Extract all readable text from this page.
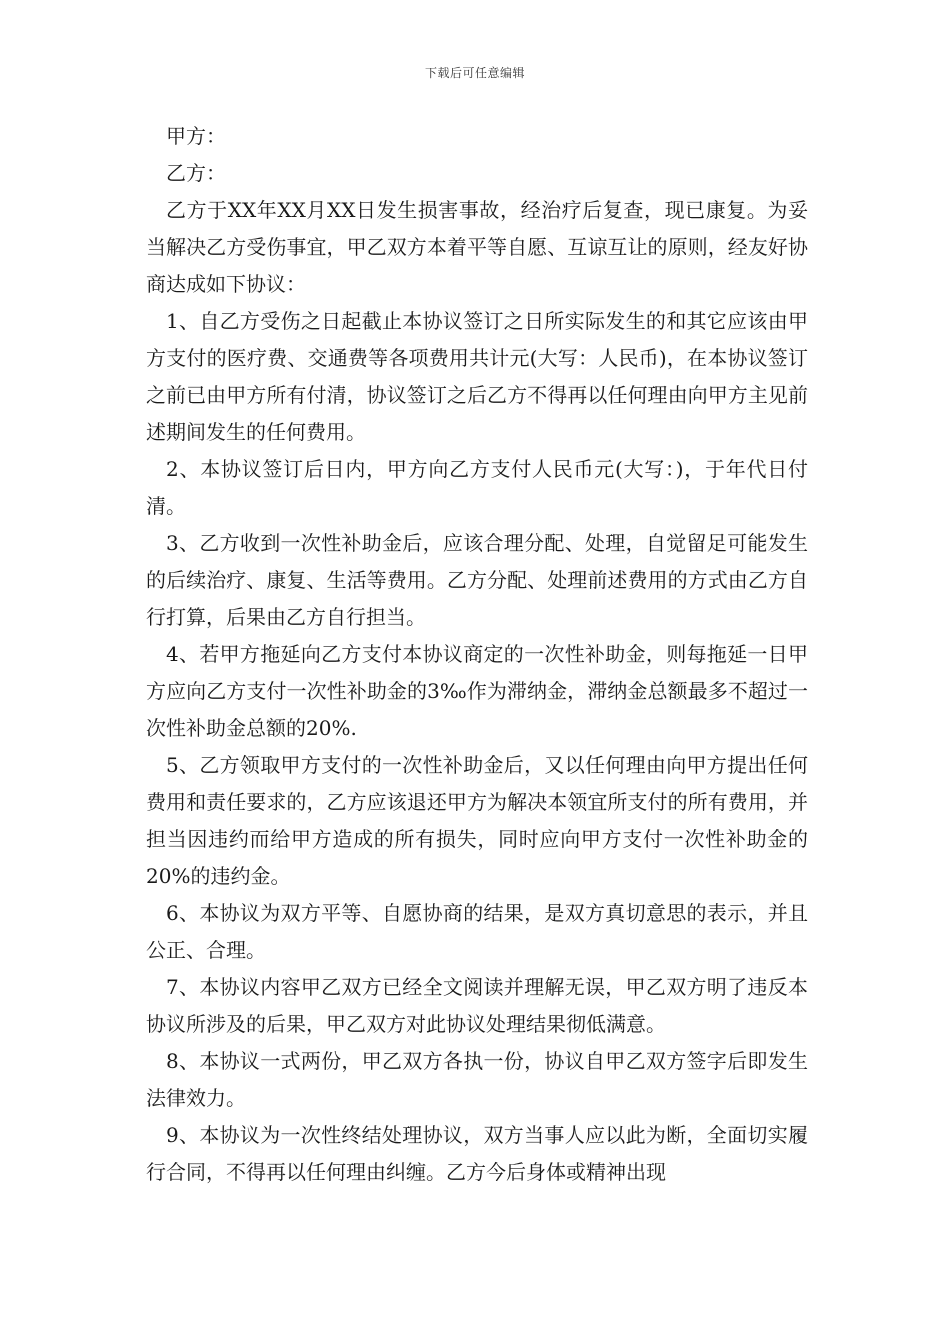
下载后可任意编辑

甲方：

乙方：

乙方于XX年XX月XX日发生损害事故，经治疗后复查，现已康复。为妥当解决乙方受伤事宜，甲乙双方本着平等自愿、互谅互让的原则，经友好协商达成如下协议：

1、自乙方受伤之日起截止本协议签订之日所实际发生的和其它应该由甲方支付的医疗费、交通费等各项费用共计元(大写：人民币)，在本协议签订之前已由甲方所有付清，协议签订之后乙方不得再以任何理由向甲方主见前述期间发生的任何费用。

2、本协议签订后日内，甲方向乙方支付人民币元(大写：)，于年代日付清。

3、乙方收到一次性补助金后，应该合理分配、处理，自觉留足可能发生的后续治疗、康复、生活等费用。乙方分配、处理前述费用的方式由乙方自行打算，后果由乙方自行担当。

4、若甲方拖延向乙方支付本协议商定的一次性补助金，则每拖延一日甲方应向乙方支付一次性补助金的3‰作为滞纳金，滞纳金总额最多不超过一次性补助金总额的20%.

5、乙方领取甲方支付的一次性补助金后，又以任何理由向甲方提出任何费用和责任要求的，乙方应该退还甲方为解决本领宜所支付的所有费用，并担当因违约而给甲方造成的所有损失，同时应向甲方支付一次性补助金的20%的违约金。

6、本协议为双方平等、自愿协商的结果，是双方真切意思的表示，并且公正、合理。

7、本协议内容甲乙双方已经全文阅读并理解无误，甲乙双方明了违反本协议所涉及的后果，甲乙双方对此协议处理结果彻低满意。

8、本协议一式两份，甲乙双方各执一份，协议自甲乙双方签字后即发生法律效力。

9、本协议为一次性终结处理协议，双方当事人应以此为断，全面切实履行合同，不得再以任何理由纠缠。乙方今后身体或精神出现
